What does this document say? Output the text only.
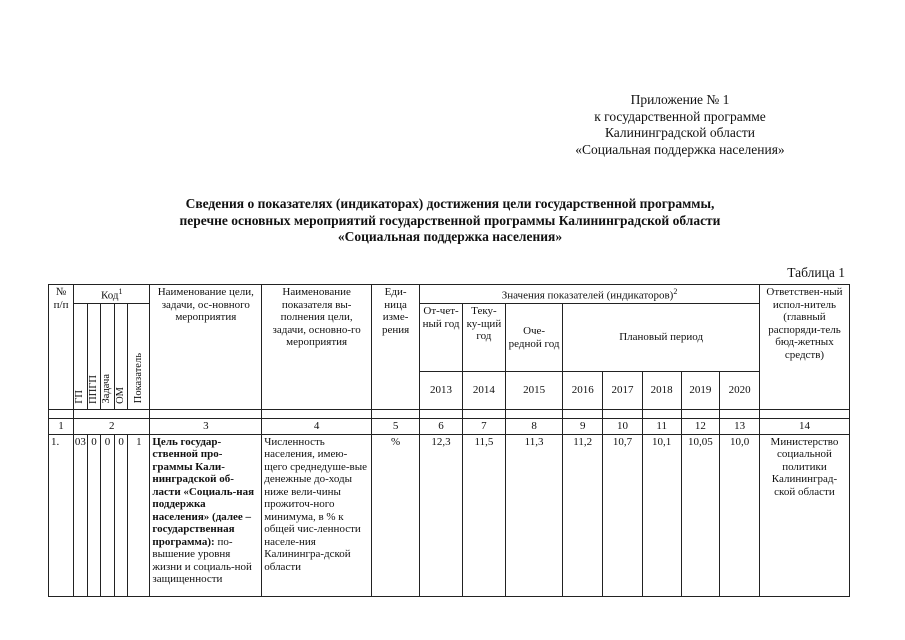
Приложение № 1
к государственной программе
Калининградской области
«Социальная поддержка населения»
Сведения о показателях (индикаторах) достижения цели государственной программы,
перечне основных мероприятий государственной программы Калининградской области
«Социальная поддержка населения»
Таблица 1
№ п/п	Код$^1$					Наименование цели, задачи, ос-новного мероприятия	Наименование показателя вы-полнения цели, задачи, основно-го мероприятия	Еди-ница изме-рения	Значения показателей (индикаторов)$^2$								Ответствен-ный испол-нитель (главный распоряди-тель бюд-жетных средств)
	ГП	ППГП	Задача	ОМ	Показатель				От-чет-ный год	Теку-ку-щий год	Оче-редной год	Плановый период					
									2013	2014	2015	2016	2017	2018	2019	2020	

1	2					3	4	5	6	7	8	9	10	11	12	13	14
1.	03	0	0	0	1	Цель государ-ственной про-граммы Кали-нинградской об-ласти «Социаль-ная поддержка населения» (далее – государственная программа): по-вышение уровня жизни и социаль-ной защищенности	Численность населения, имею-щего среднедуше-вые денежные до-ходы ниже вели-чины прожиточ-ного минимума, в % к общей чис-ленности населе-ния Калинингра-дской области	%	12,3	11,5	11,3	11,2	10,7	10,1	10,05	10,0	Министерство социальной политики Калининград-ской области
